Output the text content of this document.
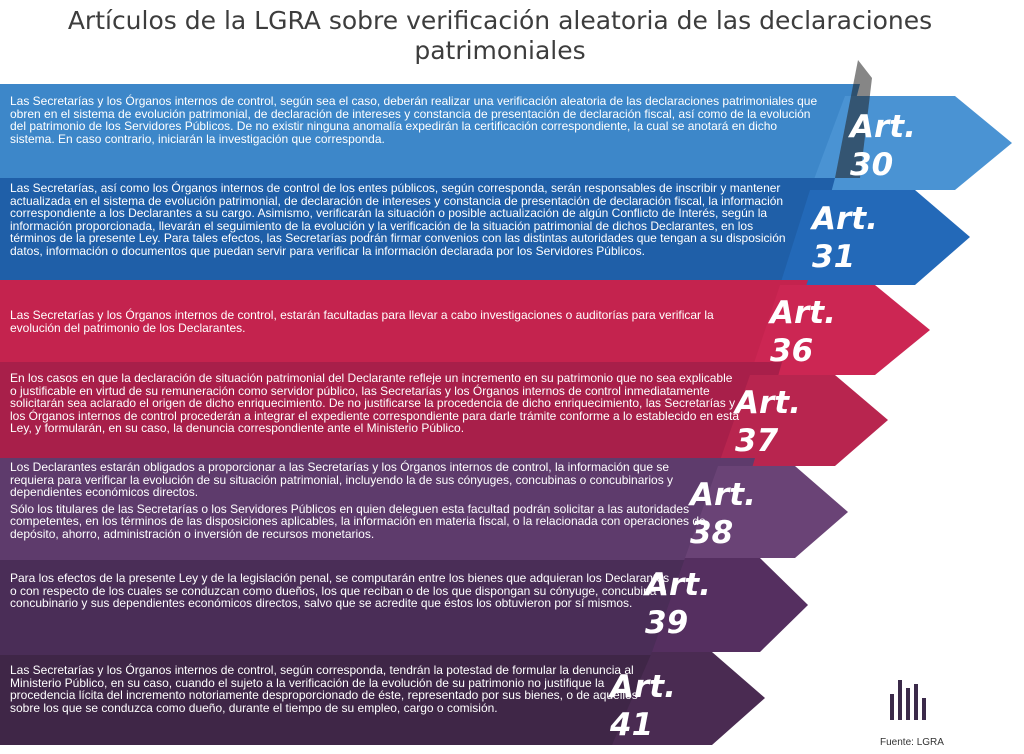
Artículos de la LGRA sobre verificación aleatoria de las declaraciones patrimoniales

Las Secretarías y los Órganos internos de control, según sea el caso, deberán realizar una verificación aleatoria de las declaraciones patrimoniales que obren en el sistema de evolución patrimonial, de declaración de intereses y constancia de presentación de declaración fiscal, así como de la evolución del patrimonio de los Servidores Públicos. De no existir ninguna anomalía expedirán la certificación correspondiente, la cual se anotará en dicho sistema. En caso contrario, iniciarán la investigación que corresponda.

Las Secretarías, así como los Órganos internos de control de los entes públicos, según corresponda, serán responsables de inscribir y mantener actualizada en el sistema de evolución patrimonial, de declaración de intereses y constancia de presentación de declaración fiscal, la información correspondiente a los Declarantes a su cargo. Asimismo, verificarán la situación o posible actualización de algún Conflicto de Interés, según la información proporcionada, llevarán el seguimiento de la evolución y la verificación de la situación patrimonial de dichos Declarantes, en los términos de la presente Ley. Para tales efectos, las Secretarías podrán firmar convenios con las distintas autoridades que tengan a su disposición datos, información o documentos que puedan servir para verificar la información declarada por los Servidores Públicos.

Las Secretarías y los Órganos internos de control, estarán facultadas para llevar a cabo investigaciones o auditorías para verificar la evolución del patrimonio de los Declarantes.

En los casos en que la declaración de situación patrimonial del Declarante refleje un incremento en su patrimonio que no sea explicable o justificable en virtud de su remuneración como servidor público, las Secretarías y los Órganos internos de control inmediatamente solicitarán sea aclarado el origen de dicho enriquecimiento. De no justificarse la procedencia de dicho enriquecimiento, las Secretarías y los Órganos internos de control procederán a integrar el expediente correspondiente para darle trámite conforme a lo establecido en esta Ley, y formularán, en su caso, la denuncia correspondiente ante el Ministerio Público.

Los Declarantes estarán obligados a proporcionar a las Secretarías y los Órganos internos de control, la información que se requiera para verificar la evolución de su situación patrimonial, incluyendo la de sus cónyuges, concubinas o concubinarios y dependientes económicos directos.

Sólo los titulares de las Secretarías o los Servidores Públicos en quien deleguen esta facultad podrán solicitar a las autoridades competentes, en los términos de las disposiciones aplicables, la información en materia fiscal, o la relacionada con operaciones de depósito, ahorro, administración o inversión de recursos monetarios.

Para los efectos de la presente Ley y de la legislación penal, se computarán entre los bienes que adquieran los Declarantes o con respecto de los cuales se conduzcan como dueños, los que reciban o de los que dispongan su cónyuge, concubina o concubinario y sus dependientes económicos directos, salvo que se acredite que éstos los obtuvieron por sí mismos.

Las Secretarías y los Órganos internos de control, según corresponda, tendrán la potestad de formular la denuncia al Ministerio Público, en su caso, cuando el sujeto a la verificación de la evolución de su patrimonio no justifique la procedencia lícita del incremento notoriamente desproporcionado de éste, representado por sus bienes, o de aquéllos sobre los que se conduzca como dueño, durante el tiempo de su empleo, cargo o comisión.

Art.
30
Art.
31
Art.
36
Art.
37
Art.
38
Art.
39
Art.
41	Fuente: LGRA
